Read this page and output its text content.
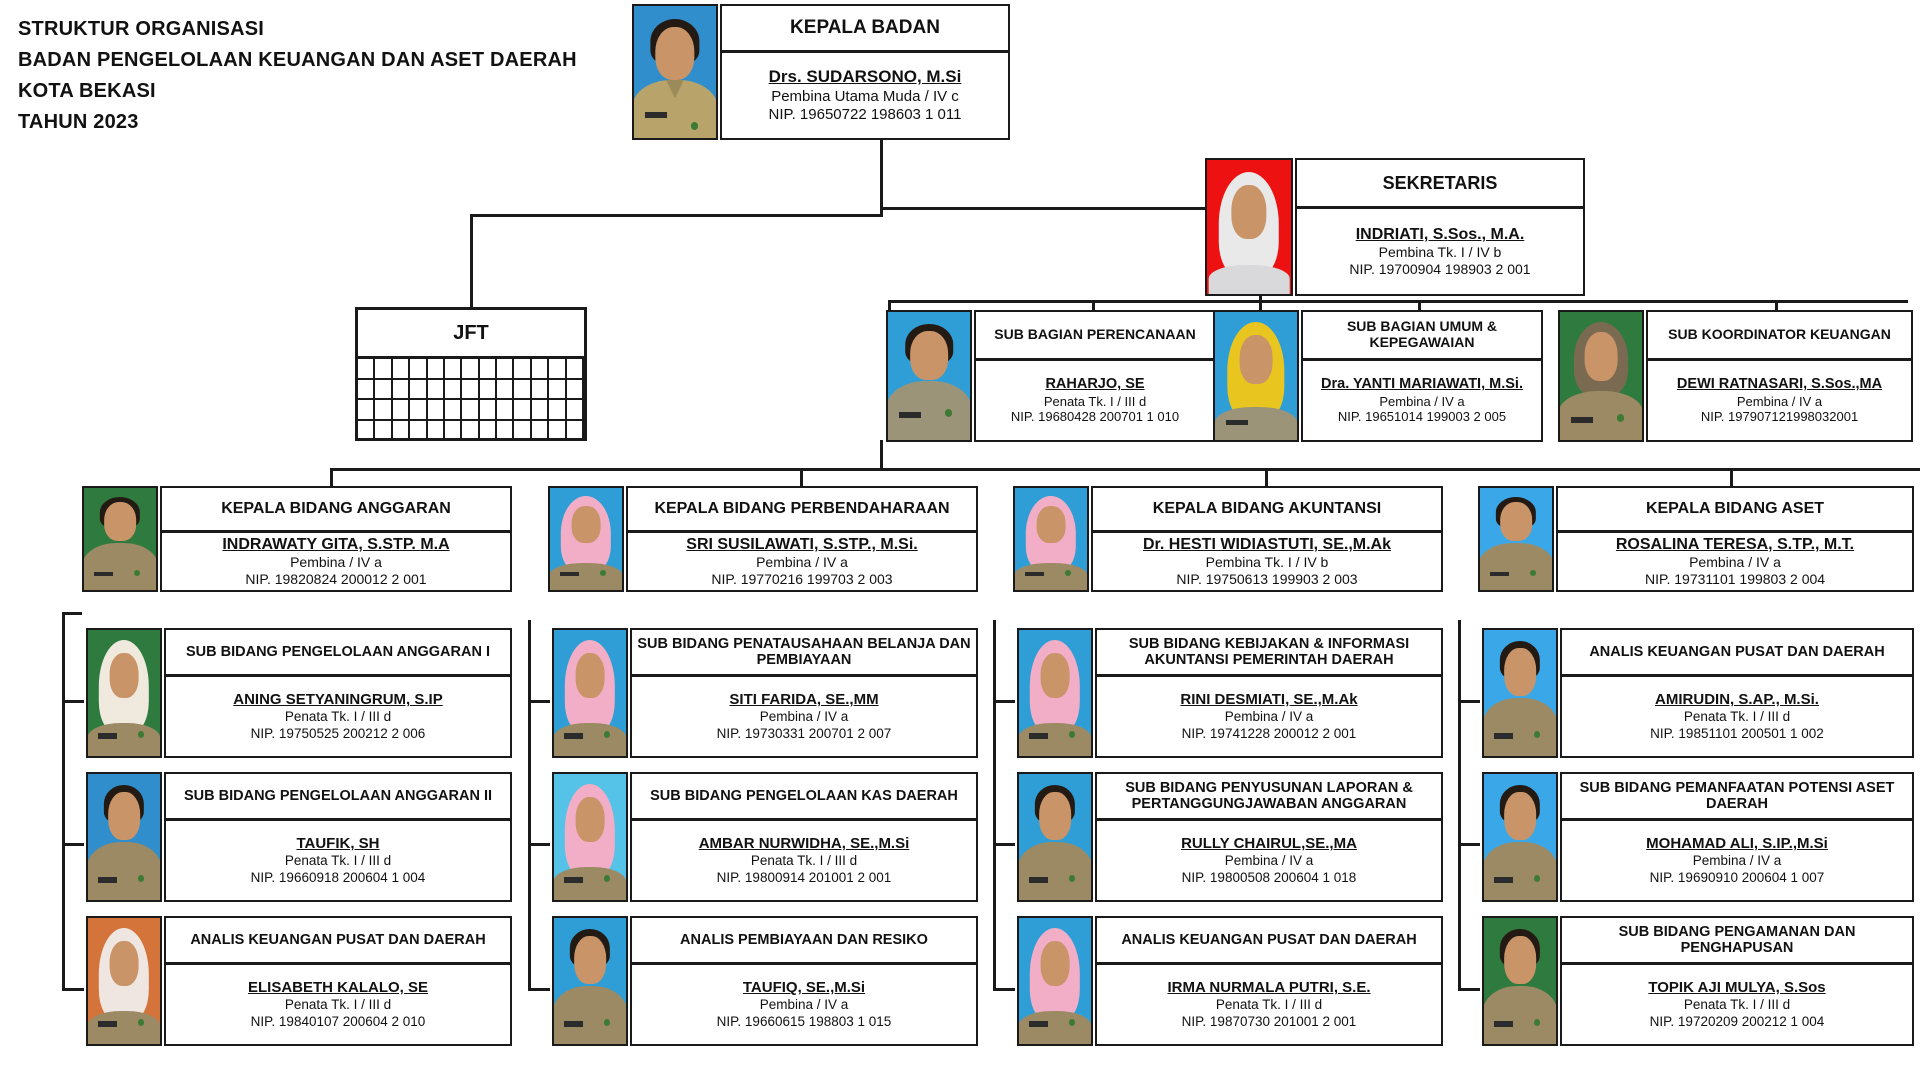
STRUKTUR ORGANISASI
BADAN PENGELOLAAN KEUANGAN DAN ASET DAERAH
KOTA BEKASI
TAHUN 2023
KEPALA BADAN
Drs. SUDARSONO, M.Si
Pembina Utama Muda / IV c
NIP. 19650722 198603 1 011
SEKRETARIS
INDRIATI, S.Sos., M.A.
Pembina Tk. I / IV b
NIP. 19700904 198903 2 001
JFT	SUB BAGIAN PERENCANAAN
RAHARJO, SE
Penata Tk. I / III d
NIP. 19680428 200701 1 010
SUB BAGIAN UMUM & KEPEGAWAIAN
Dra. YANTI MARIAWATI, M.Si.
Pembina / IV a
NIP. 19651014 199003 2 005
SUB KOORDINATOR KEUANGAN
DEWI RATNASARI, S.Sos.,MA
Pembina / IV a
NIP. 197907121998032001
KEPALA BIDANG ANGGARAN
INDRAWATY GITA, S.STP. M.A
Pembina / IV a
NIP. 19820824 200012 2 001
SUB BIDANG PENGELOLAAN ANGGARAN I
ANING SETYANINGRUM, S.IP
Penata Tk. I / III d
NIP. 19750525 200212 2 006
SUB BIDANG PENGELOLAAN ANGGARAN II
TAUFIK, SH
Penata Tk. I / III d
NIP. 19660918 200604 1 004
ANALIS KEUANGAN PUSAT DAN DAERAH
ELISABETH KALALO, SE
Penata Tk. I / III d
NIP. 19840107 200604 2 010
KEPALA BIDANG PERBENDAHARAAN
SRI SUSILAWATI, S.STP., M.Si.
Pembina / IV a
NIP. 19770216 199703 2 003
SUB BIDANG PENATAUSAHAAN BELANJA DAN PEMBIAYAAN
SITI FARIDA, SE.,MM
Pembina / IV a
NIP. 19730331 200701 2 007
SUB BIDANG PENGELOLAAN KAS DAERAH
AMBAR NURWIDHA, SE.,M.Si
Penata Tk. I / III d
NIP. 19800914 201001 2 001
ANALIS PEMBIAYAAN DAN RESIKO
TAUFIQ, SE.,M.Si
Pembina / IV a
NIP. 19660615 198803 1 015
KEPALA BIDANG AKUNTANSI
Dr. HESTI WIDIASTUTI, SE.,M.Ak
Pembina Tk. I / IV b
NIP. 19750613 199903 2 003
SUB BIDANG KEBIJAKAN & INFORMASI AKUNTANSI PEMERINTAH DAERAH
RINI DESMIATI, SE.,M.Ak
Pembina / IV a
NIP. 19741228 200012 2 001
SUB BIDANG PENYUSUNAN LAPORAN & PERTANGGUNGJAWABAN ANGGARAN
RULLY CHAIRUL,SE.,MA
Pembina / IV a
NIP. 19800508 200604 1 018
ANALIS KEUANGAN PUSAT DAN DAERAH
IRMA NURMALA PUTRI, S.E.
Penata Tk. I / III d
NIP. 19870730 201001 2 001
KEPALA BIDANG ASET
ROSALINA TERESA, S.TP., M.T.
Pembina / IV a
NIP. 19731101 199803 2 004
ANALIS KEUANGAN PUSAT DAN DAERAH
AMIRUDIN, S.AP., M.Si.
Penata Tk. I / III d
NIP. 19851101 200501 1 002
SUB BIDANG PEMANFAATAN POTENSI ASET DAERAH
MOHAMAD ALI, S.IP.,M.Si
Pembina / IV a
NIP. 19690910 200604 1 007
SUB BIDANG PENGAMANAN DAN PENGHAPUSAN
TOPIK AJI MULYA, S.Sos
Penata Tk. I / III d
NIP. 19720209 200212 1 004
